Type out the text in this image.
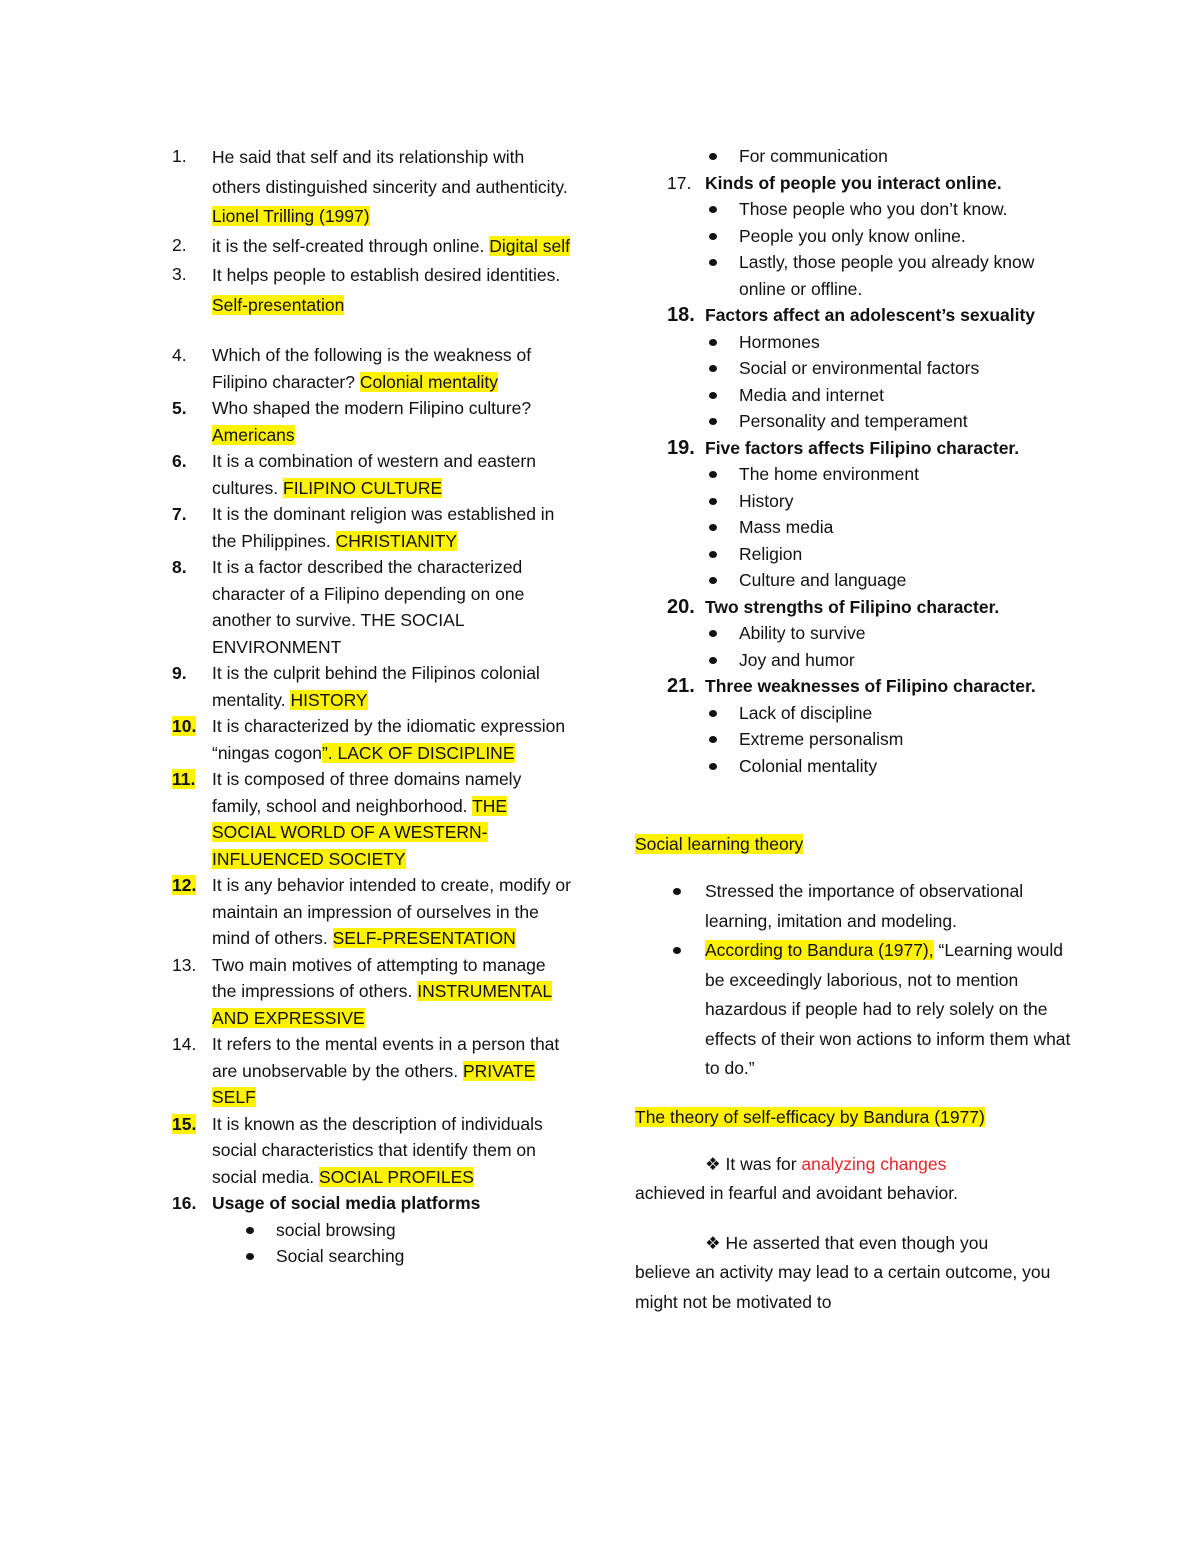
1.	He said that self and its relationship with others distinguished sincerity and authenticity. Lionel Trilling (1997)
2.	it is the self-created through online. Digital self
3.	It helps people to establish desired identities. Self-presentation
4.	Which of the following is the weakness of Filipino character? Colonial mentality
5.	Who shaped the modern Filipino culture? Americans
6.	It is a combination of western and eastern cultures. FILIPINO CULTURE
7.	It is the dominant religion was established in the Philippines. CHRISTIANITY
8.	It is a factor described the characterized character of a Filipino depending on one another to survive. THE SOCIAL ENVIRONMENT
9.	It is the culprit behind the Filipinos colonial mentality. HISTORY
10. It is characterized by the idiomatic expression “ningas cogon”. LACK OF DISCIPLINE
11. It is composed of three domains namely family, school and neighborhood. THE SOCIAL WORLD OF A WESTERN-INFLUENCED SOCIETY
12. It is any behavior intended to create, modify or maintain an impression of ourselves in the mind of others. SELF-PRESENTATION
13. Two main motives of attempting to manage the impressions of others. INSTRUMENTAL AND EXPRESSIVE
14. It refers to the mental events in a person that are unobservable by the others. PRIVATE SELF
15. It is known as the description of individuals social characteristics that identify them on social media. SOCIAL PROFILES
16. Usage of social media platforms
social browsing
Social searching
For communication
17. Kinds of people you interact online.
Those people who you don’t know.
People you only know online.
Lastly, those people you already know online or offline.
18. Factors affect an adolescent’s sexuality
Hormones
Social or environmental factors
Media and internet
Personality and temperament
19. Five factors affects Filipino character.
The home environment
History
Mass media
Religion
Culture and language
20. Two strengths of Filipino character.
Ability to survive
Joy and humor
21. Three weaknesses of Filipino character.
Lack of discipline
Extreme personalism
Colonial mentality
Social learning theory
Stressed the importance of observational learning, imitation and modeling.
According to Bandura (1977), “Learning would be exceedingly laborious, not to mention hazardous if people had to rely solely on the effects of their won actions to inform them what to do.”
The theory of self-efficacy by Bandura (1977)
❖ It was for analyzing changes
achieved in fearful and avoidant behavior.
❖ He asserted that even though you
believe an activity may lead to a certain outcome, you might not be motivated to
